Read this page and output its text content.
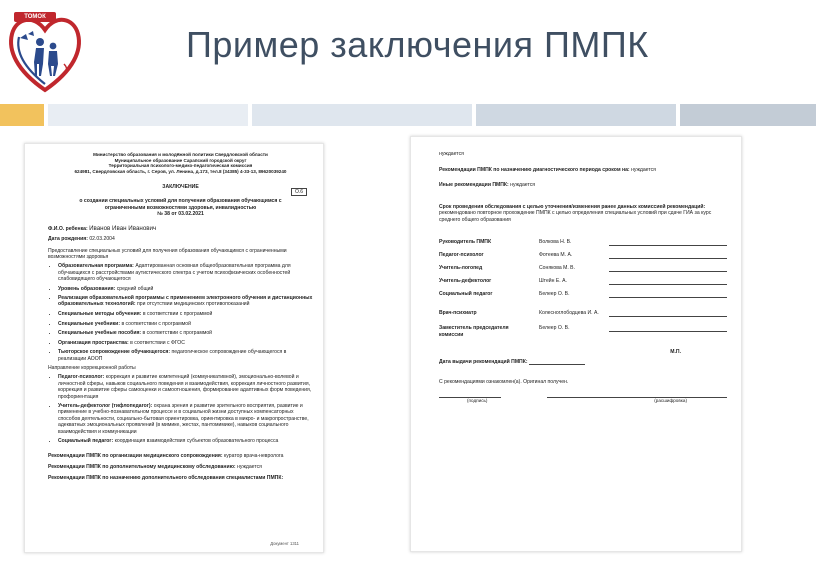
ТОМОК
Пример заключения ПМПК
Министерство образования и молодёжной политики Свердловской области
Муниципальное образование Сарапский городской округ
Территориальная психолого-медико-педагогическая комиссия
624981, Свердловская область, г. Серов, ул. Ленина, д.173, тел.8 (34385) 4-33-13, 89620039240
ЗАКЛЮЧЕНИЕ
О.6
о создании специальных условий для получения образования обучающимся с ограниченными возможностями здоровья, инвалидностью
№ 38 от 03.02.2021
Ф.И.О. ребенка: Иванов Иван Иванович
Дата рождения: 02.03.2004
Предоставление специальных условий для получения образования обучающимся с ограниченными возможностями здоровья
• Образовательная программа: Адаптированная основная общеобразовательная программа для обучающихся с расстройствами аутистического спектра с учетом психофизических особенностей слабовидящего обучающегося
• Уровень образования: средний общий
• Реализация образовательной программы с применением электронного обучения и дистанционных образовательных технологий: при отсутствии медицинских противопоказаний
• Специальные методы обучения: в соответствии с программой
• Специальные учебники: в соответствии с программой
• Специальные учебные пособия: в соответствии с программой
• Организация пространства: в соответствии с ФГОС
• Тьюторское сопровождение обучающегося: педагогическое сопровождение обучающегося в реализации АООП
Направление коррекционной работы
• Педагог-психолог: коррекция и развитие компетенций (коммуникативной), эмоционально-волевой и личностной сферы, навыков социального поведения и взаимодействия, коррекция личностного развития, коррекция и развитие сферы самооценки и самоотношения, формирование адаптивных форм поведения, профориентация
• Учитель-дефектолог (тифлопедагог): охрана зрения и развитие зрительного восприятия, развитие и применение в учебно-познавательном процессе и в социальной жизни доступных компенсаторных способов деятельности, социально-бытовая ориентировка, ориентировка в микро- и макропространстве, адекватных эмоциональных проявлений (в мимике, жестах, пантомимике), навыков социального взаимодействия и коммуникации
• Социальный педагог: координация взаимодействия субъектов образовательного процесса
Рекомендации ПМПК по организации медицинского сопровождения: куратор врача-невролога
Рекомендации ПМПК по дополнительному медицинскому обследованию: нуждается
Рекомендации ПМПК по назначению дополнительного обследования специалистами ПМПК:
Документ 1311
нуждается
Рекомендации ПМПК по назначению диагностического периода сроком на: нуждается
Иные рекомендации ПМПК: нуждается
Срок проведения обследования с целью уточнения/изменения ранее данных комиссией рекомендаций: рекомендовано повторное прохождение ПМПК с целью определения специальных условий при сдаче ГИА за курс среднего общего образования
Руководитель ПМПК	Волкова Н. В.
Педагог-психолог	Фотеева М. А.
Учитель-логопед	Сонякова М. В.
Учитель-дефектолог	Штейн Е. А.
Социальный педагог	Белеер О. В.
Врач-психиатр	Колесноглободцева И. А.
Заместитель председателя комиссии
Белеер О. В.
М.П.
Дата выдачи рекомендаций ПМПК:
С рекомендациями ознакомлен(а). Оригинал получен.
(подпись)	(расшифровка)
